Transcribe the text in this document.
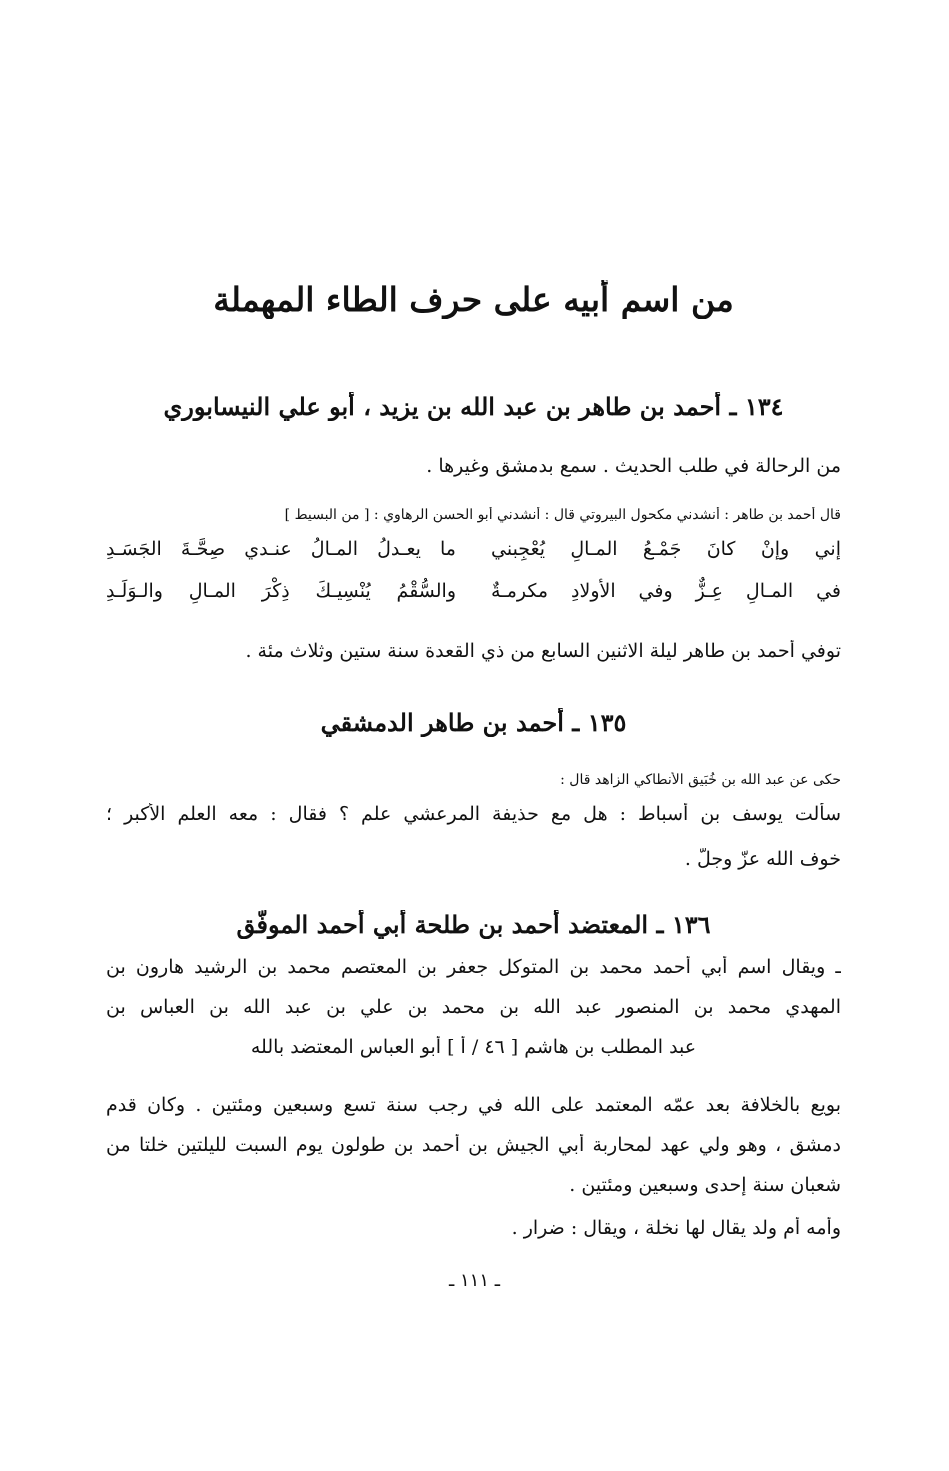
من اسم أبيه على حرف الطاء المهملة
١٣٤ ـ أحمد بن طاهر بن عبد الله بن يزيد ، أبو علي النيسابوري
من الرحالة في طلب الحديث . سمع بدمشق وغيرها .
قال أحمد بن طاهر : أنشدني مكحول البيروتي قال : أنشدني أبو الحسن الرهاوي : [ من البسيط ]
إني وإنْ كانَ جَمْـعُ المـالِ يُعْجِبني
ما يعـدلُ المـالُ عنـدي صِحَّـةَ الجَسَـدِ
في المـالِ عِـزٌّ وفي الأولادِ مكرمـةٌ
والسُّقْمُ يُنْسِيـكَ ذِكْرَ المـالِ والـوَلَـدِ
توفي أحمد بن طاهر ليلة الاثنين السابع من ذي القعدة سنة ستين وثلاث مئة .
١٣٥ ـ أحمد بن طاهر الدمشقي
حكى عن عبد الله بن خُبَيق الأنطاكي الزاهد قال :
سألت يوسف بن أسباط : هل مع حذيفة المرعشي علم ؟ فقال : معه العلم الأكبر ؛
خوف الله عزّ وجلّ .
١٣٦ ـ المعتضد أحمد بن طلحة أبي أحمد الموفّق
ـ ويقال اسم أبي أحمد محمد بن المتوكل جعفر بن المعتصم محمد بن الرشيد هارون بن
المهدي محمد بن المنصور عبد الله بن محمد بن علي بن عبد الله بن العباس بن
عبد المطلب بن هاشم [ ٤٦ / أ ] أبو العباس المعتضد بالله
بويع بالخلافة بعد عمّه المعتمد على الله في رجب سنة تسع وسبعين ومئتين . وكان قدم
دمشق ، وهو ولي عهد لمحاربة أبي الجيش بن أحمد بن طولون يوم السبت لليلتين خلتا من
شعبان سنة إحدى وسبعين ومئتين .
وأمه أم ولد يقال لها نخلة ، ويقال : ضرار .
ـ ١١١ ـ
